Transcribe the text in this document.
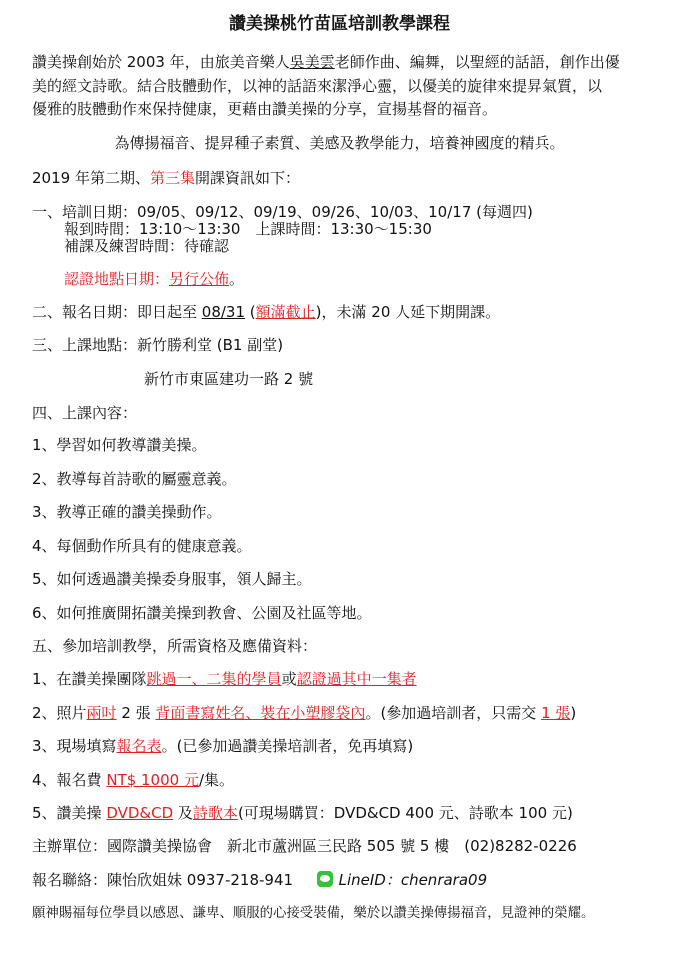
讚美操桃竹苗區培訓教學課程
讚美操創始於 2003 年，由旅美音樂人吳美雲老師作曲、編舞，以聖經的話語，創作出優
美的經文詩歌。結合肢體動作，以神的話語來潔淨心靈，以優美的旋律來提昇氣質，以
優雅的肢體動作來保持健康，更藉由讚美操的分享，宣揚基督的福音。
為傳揚福音、提昇種子素質、美感及教學能力，培養神國度的精兵。
2019 年第二期、第三集開課資訊如下：
一、培訓日期：09/05、09/12、09/19、09/26、10/03、10/17 (每週四)
報到時間：13:10～13:30　上課時間：13:30～15:30
補課及練習時間：待確認
認證地點日期：另行公佈。
二、報名日期：即日起至 08/31 (額滿截止)，未滿 20 人延下期開課。
三、上課地點：新竹勝利堂 (B1 副堂)
新竹市東區建功一路 2 號
四、上課內容：
1、學習如何教導讚美操。
2、教導每首詩歌的屬靈意義。
3、教導正確的讚美操動作。
4、每個動作所具有的健康意義。
5、如何透過讚美操委身服事，領人歸主。
6、如何推廣開拓讚美操到教會、公園及社區等地。
五、參加培訓教學，所需資格及應備資料：
1、在讚美操團隊跳過一、二集的學員或認證過其中一集者
2、照片兩吋 2 張 背面書寫姓名、裝在小塑膠袋內。(參加過培訓者，只需交 1 張)
3、現場填寫報名表。(已參加過讚美操培訓者，免再填寫)
4、報名費 NT$ 1000 元/集。
5、讚美操 DVD&CD 及詩歌本(可現場購買：DVD&CD 400 元、詩歌本 100 元)
主辦單位：國際讚美操協會　新北市蘆洲區三民路 505 號 5 樓　(02)8282-0226
報名聯絡：陳怡欣姐妹 0937-218-941	LineID：chenrara09
願神賜福每位學員以感恩、謙卑、順服的心接受裝備，樂於以讚美操傳揚福音，見證神的榮耀。
